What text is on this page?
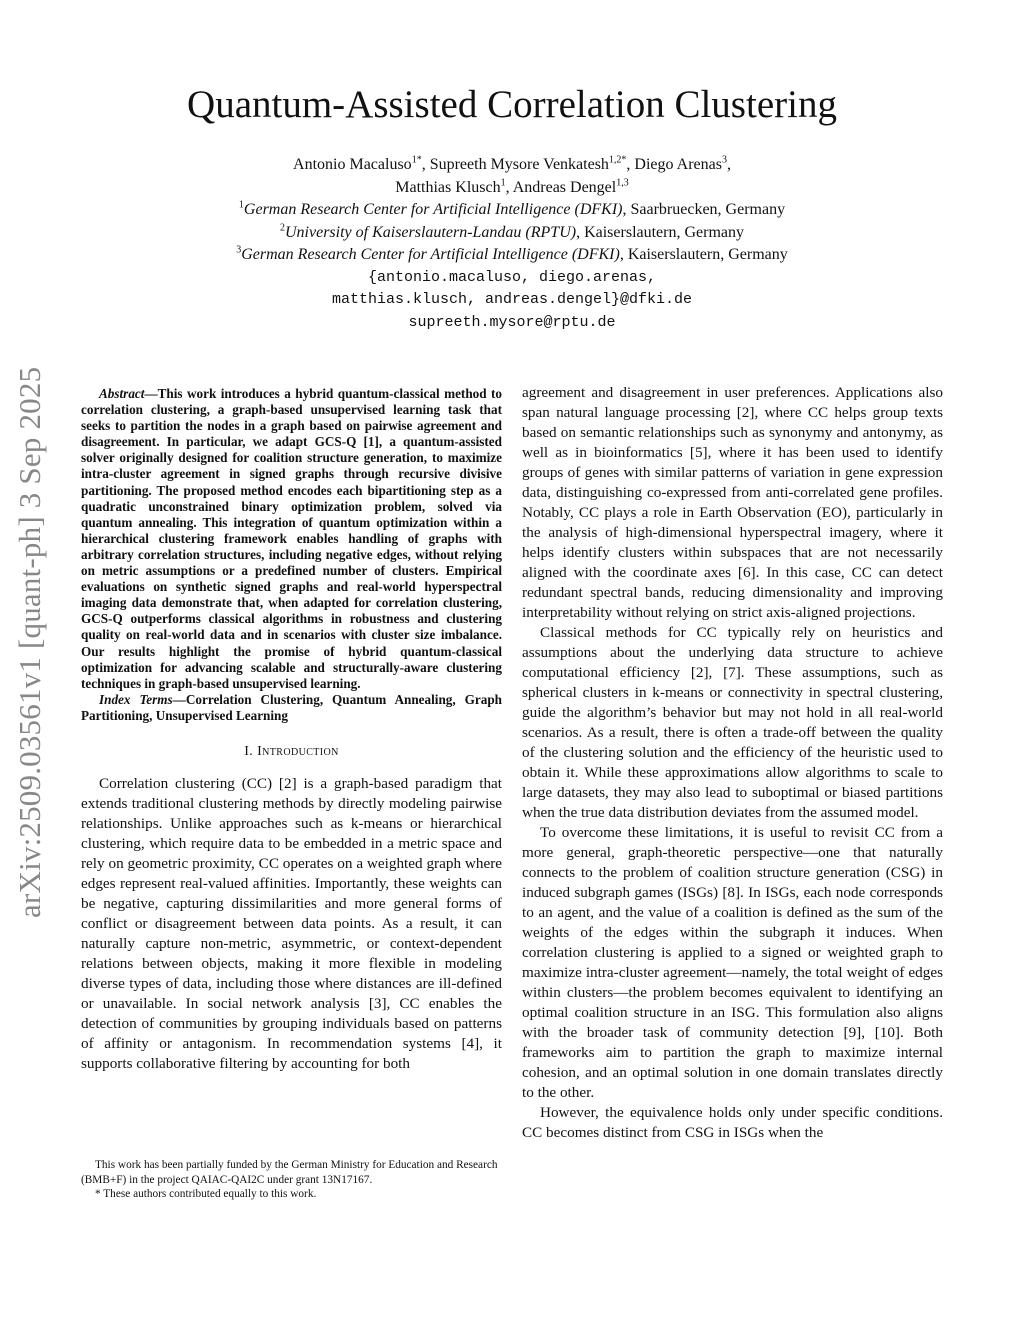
arXiv:2509.03561v1 [quant-ph] 3 Sep 2025
Quantum-Assisted Correlation Clustering
Antonio Macaluso$^{1*}$, Supreeth Mysore Venkatesh$^{1,2*}$, Diego Arenas$^3$,
Matthias Klusch$^1$, Andreas Dengel$^{1,3}$
$^1$German Research Center for Artificial Intelligence (DFKI), Saarbruecken, Germany
$^2$University of Kaiserslautern-Landau (RPTU), Kaiserslautern, Germany
$^3$German Research Center for Artificial Intelligence (DFKI), Kaiserslautern, Germany
{antonio.macaluso, diego.arenas,
matthias.klusch, andreas.dengel}@dfki.de
supreeth.mysore@rptu.de

Abstract—This work introduces a hybrid quantum-classical method to correlation clustering, a graph-based unsupervised learning task that seeks to partition the nodes in a graph based on pairwise agreement and disagreement. In particular, we adapt GCS-Q [1], a quantum-assisted solver originally designed for coalition structure generation, to maximize intra-cluster agreement in signed graphs through recursive divisive partitioning. The proposed method encodes each bipartitioning step as a quadratic unconstrained binary optimization problem, solved via quantum annealing. This integration of quantum optimization within a hierarchical clustering framework enables handling of graphs with arbitrary correlation structures, including negative edges, without relying on metric assumptions or a predefined number of clusters. Empirical evaluations on synthetic signed graphs and real-world hyperspectral imaging data demonstrate that, when adapted for correlation clustering, GCS-Q outperforms classical algorithms in robustness and clustering quality on real-world data and in scenarios with cluster size imbalance. Our results highlight the promise of hybrid quantum-classical optimization for advancing scalable and structurally-aware clustering techniques in graph-based unsupervised learning.

Index Terms—Correlation Clustering, Quantum Annealing, Graph Partitioning, Unsupervised Learning

I. Introduction

Correlation clustering (CC) [2] is a graph-based paradigm that extends traditional clustering methods by directly modeling pairwise relationships. Unlike approaches such as k-means or hierarchical clustering, which require data to be embedded in a metric space and rely on geometric proximity, CC operates on a weighted graph where edges represent real-valued affinities. Importantly, these weights can be negative, capturing dissimilarities and more general forms of conflict or disagreement between data points. As a result, it can naturally capture non-metric, asymmetric, or context-dependent relations between objects, making it more flexible in modeling diverse types of data, including those where distances are ill-defined or unavailable. In social network analysis [3], CC enables the detection of communities by grouping individuals based on patterns of affinity or antagonism. In recommendation systems [4], it supports collaborative filtering by accounting for both

This work has been partially funded by the German Ministry for Education and Research (BMB+F) in the project QAIAC-QAI2C under grant 13N17167.

* These authors contributed equally to this work.

agreement and disagreement in user preferences. Applications also span natural language processing [2], where CC helps group texts based on semantic relationships such as synonymy and antonymy, as well as in bioinformatics [5], where it has been used to identify groups of genes with similar patterns of variation in gene expression data, distinguishing co-expressed from anti-correlated gene profiles. Notably, CC plays a role in Earth Observation (EO), particularly in the analysis of high-dimensional hyperspectral imagery, where it helps identify clusters within subspaces that are not necessarily aligned with the coordinate axes [6]. In this case, CC can detect redundant spectral bands, reducing dimensionality and improving interpretability without relying on strict axis-aligned projections.

Classical methods for CC typically rely on heuristics and assumptions about the underlying data structure to achieve computational efficiency [2], [7]. These assumptions, such as spherical clusters in k-means or connectivity in spectral clustering, guide the algorithm’s behavior but may not hold in all real-world scenarios. As a result, there is often a trade-off between the quality of the clustering solution and the efficiency of the heuristic used to obtain it. While these approximations allow algorithms to scale to large datasets, they may also lead to suboptimal or biased partitions when the true data distribution deviates from the assumed model.

To overcome these limitations, it is useful to revisit CC from a more general, graph-theoretic perspective—one that naturally connects to the problem of coalition structure generation (CSG) in induced subgraph games (ISGs) [8]. In ISGs, each node corresponds to an agent, and the value of a coalition is defined as the sum of the weights of the edges within the subgraph it induces. When correlation clustering is applied to a signed or weighted graph to maximize intra-cluster agreement—namely, the total weight of edges within clusters—the problem becomes equivalent to identifying an optimal coalition structure in an ISG. This formulation also aligns with the broader task of community detection [9], [10]. Both frameworks aim to partition the graph to maximize internal cohesion, and an optimal solution in one domain translates directly to the other.

However, the equivalence holds only under specific conditions. CC becomes distinct from CSG in ISGs when the
